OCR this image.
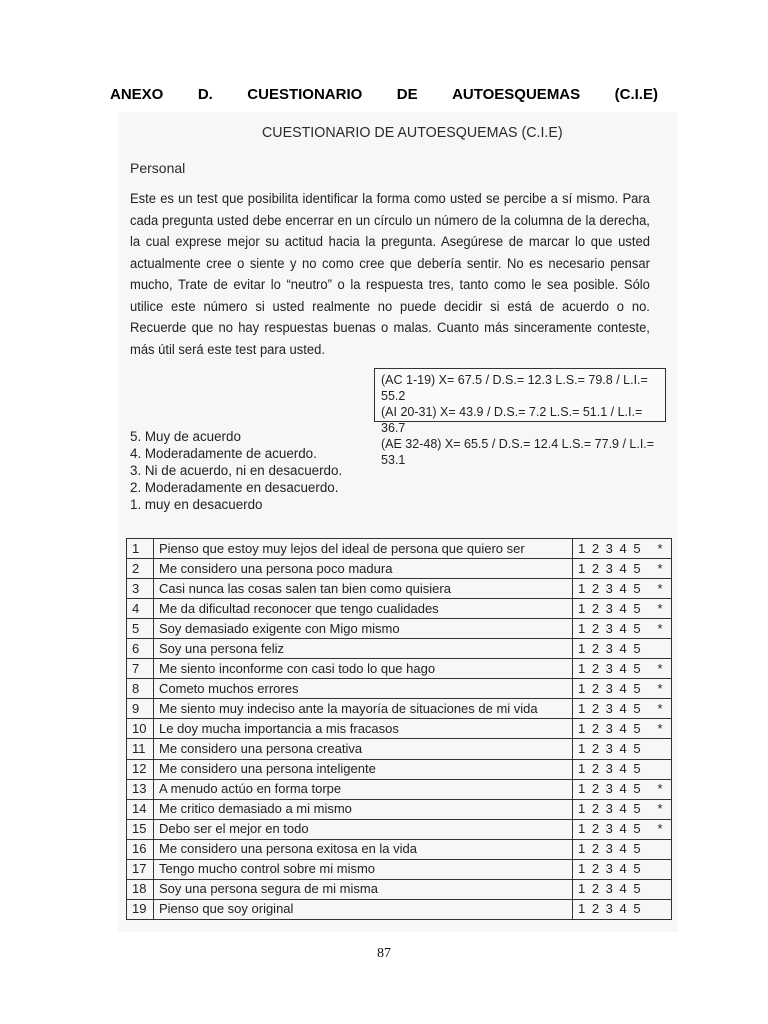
ANEXO D. CUESTIONARIO DE AUTOESQUEMAS (C.I.E)
CUESTIONARIO DE AUTOESQUEMAS (C.I.E)
Personal
Este es un test que posibilita identificar la forma como usted se percibe a sí mismo. Para cada pregunta usted debe encerrar en un círculo un número de la columna de la derecha, la cual exprese mejor su actitud hacia la pregunta. Asegúrese de marcar lo que usted actualmente cree o siente y no como cree que debería sentir. No es necesario pensar mucho, Trate de evitar lo “neutro” o la respuesta tres, tanto como le sea posible. Sólo utilice este número si usted realmente no puede decidir si está de acuerdo o no. Recuerde que no hay respuestas buenas o malas. Cuanto más sinceramente conteste, más útil será este test para usted.
(AC 1-19) X= 67.5 / D.S.= 12.3 L.S.= 79.8 / L.I.= 55.2
(AI 20-31) X= 43.9 / D.S.= 7.2 L.S.= 51.1 / L.I.= 36.7
(AE 32-48) X= 65.5 / D.S.= 12.4 L.S.= 77.9 / L.I.= 53.1
5. Muy de acuerdo
4. Moderadamente de acuerdo.
3. Ni de acuerdo, ni en desacuerdo.
2. Moderadamente en desacuerdo.
1. muy en desacuerdo
1	Pienso que estoy muy lejos del ideal de persona que quiero ser	1 2 3 4 5 *

2	Me considero una persona poco madura	1 2 3 4 5 *

3	Casi nunca las cosas salen tan bien como quisiera	1 2 3 4 5 *

4	Me da dificultad reconocer que tengo cualidades	1 2 3 4 5 *

5	Soy demasiado exigente con Migo mismo	1 2 3 4 5 *

6	Soy una persona feliz	1 2 3 4 5

7	Me siento inconforme con casi todo lo que hago	1 2 3 4 5 *

8	Cometo muchos errores	1 2 3 4 5 *

9	Me siento muy indeciso ante la mayoría de situaciones de mi vida	1 2 3 4 5 *

10	Le doy mucha importancia a mis fracasos	1 2 3 4 5 *

11	Me considero una persona creativa	1 2 3 4 5

12	Me considero una persona inteligente	1 2 3 4 5

13	A menudo actúo en forma torpe	1 2 3 4 5 *

14	Me critico demasiado a mi mismo	1 2 3 4 5 *

15	Debo ser el mejor en todo	1 2 3 4 5 *

16	Me considero una persona exitosa en la vida	1 2 3 4 5

17	Tengo mucho control sobre mi mismo	1 2 3 4 5

18	Soy una persona segura de mi misma	1 2 3 4 5

19	Pienso que soy original	1 2 3 4 5
87
